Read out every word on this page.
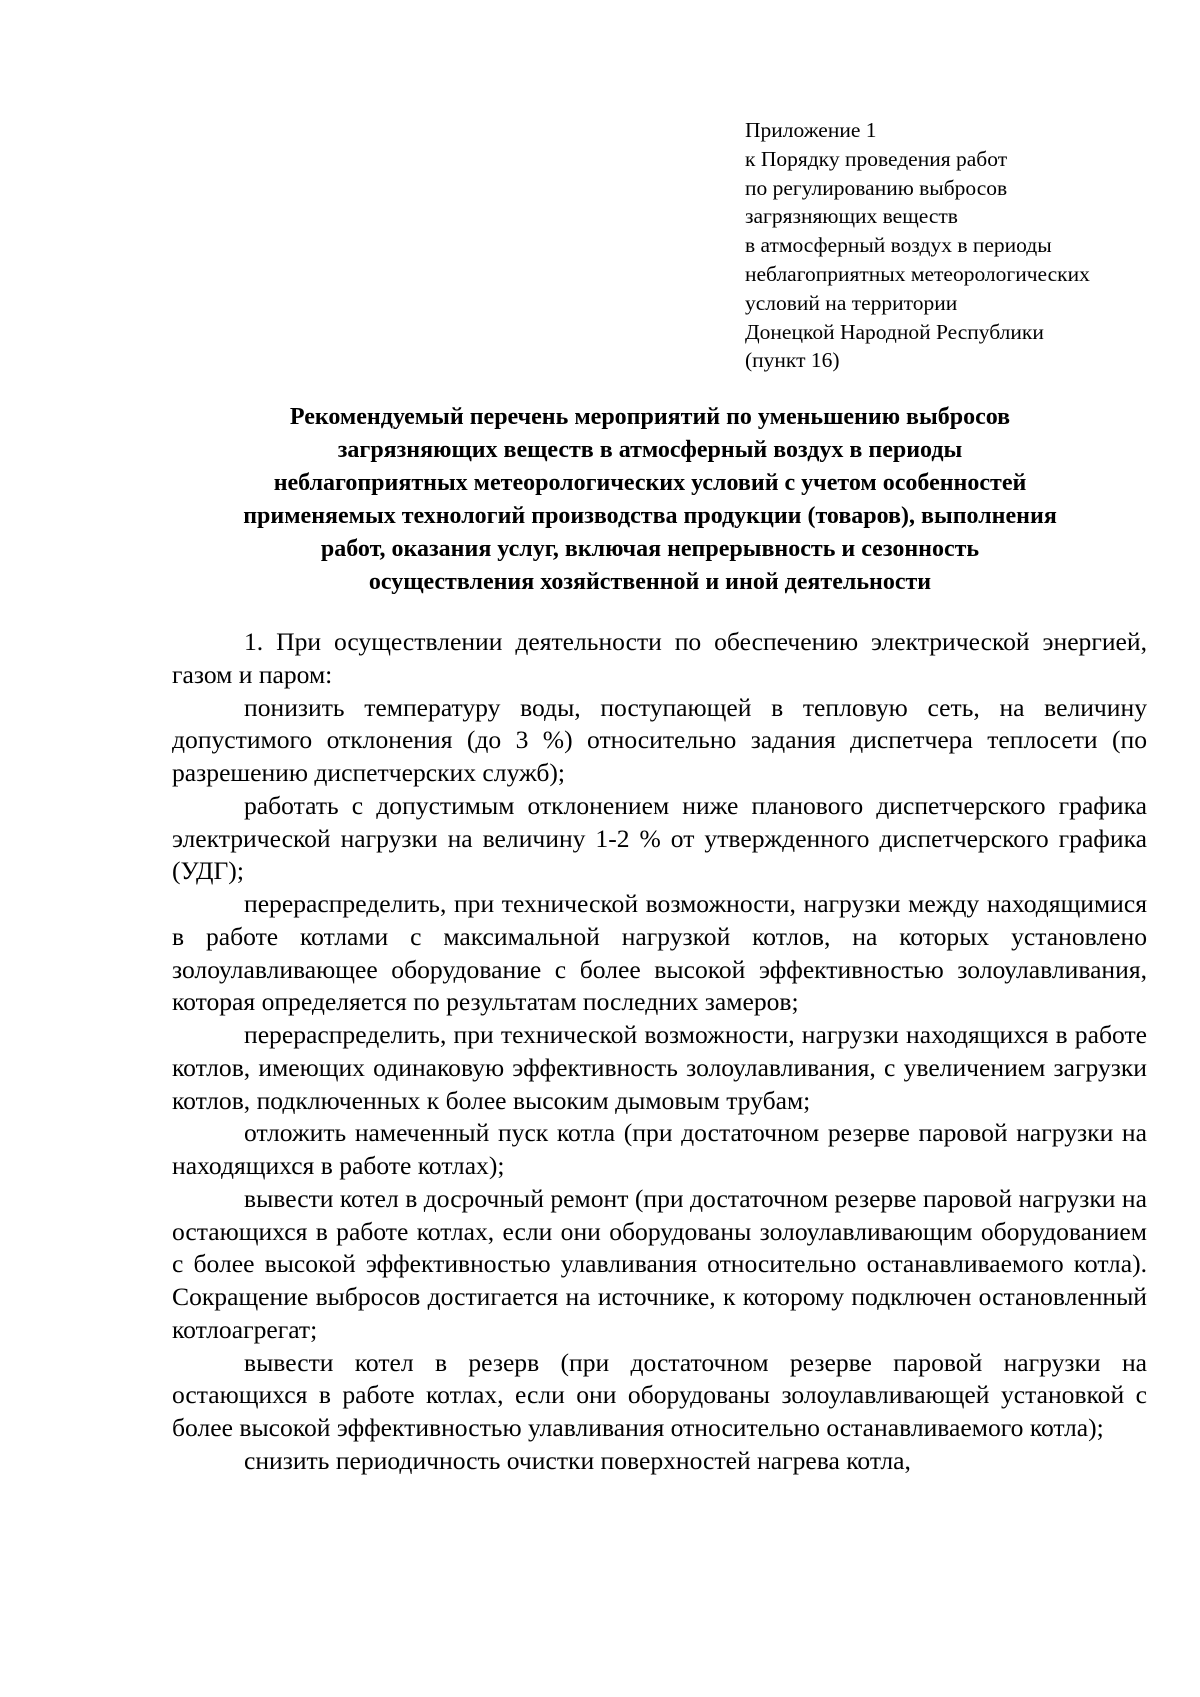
Приложение 1
к Порядку проведения работ
по регулированию выбросов
загрязняющих веществ
в атмосферный воздух в периоды
неблагоприятных метеорологических
условий на территории
Донецкой Народной Республики
(пункт 16)
Рекомендуемый перечень мероприятий по уменьшению выбросов
загрязняющих веществ в атмосферный воздух в периоды
неблагоприятных метеорологических условий с учетом особенностей
применяемых технологий производства продукции (товаров), выполнения
работ, оказания услуг, включая непрерывность и сезонность
осуществления хозяйственной и иной деятельности

1. При осуществлении деятельности по обеспечению электрической энергией, газом и паром:

понизить температуру воды, поступающей в тепловую сеть, на величину допустимого отклонения (до 3 %) относительно задания диспетчера теплосети (по разрешению диспетчерских служб);

работать с допустимым отклонением ниже планового диспетчерского графика электрической нагрузки на величину 1-2 % от утвержденного диспетчерского графика (УДГ);

перераспределить, при технической возможности, нагрузки между находящимися в работе котлами с максимальной нагрузкой котлов, на которых установлено золоулавливающее оборудование с более высокой эффективностью золоулавливания, которая определяется по результатам последних замеров;

перераспределить, при технической возможности, нагрузки находящихся в работе котлов, имеющих одинаковую эффективность золоулавливания, с увеличением загрузки котлов, подключенных к более высоким дымовым трубам;

отложить намеченный пуск котла (при достаточном резерве паровой нагрузки на находящихся в работе котлах);

вывести котел в досрочный ремонт (при достаточном резерве паровой нагрузки на остающихся в работе котлах, если они оборудованы золоулавливающим оборудованием с более высокой эффективностью улавливания относительно останавливаемого котла). Сокращение выбросов достигается на источнике, к которому подключен остановленный котлоагрегат;

вывести котел в резерв (при достаточном резерве паровой нагрузки на остающихся в работе котлах, если они оборудованы золоулавливающей установкой с более высокой эффективностью улавливания относительно останавливаемого котла);

снизить периодичность очистки поверхностей нагрева котла,
